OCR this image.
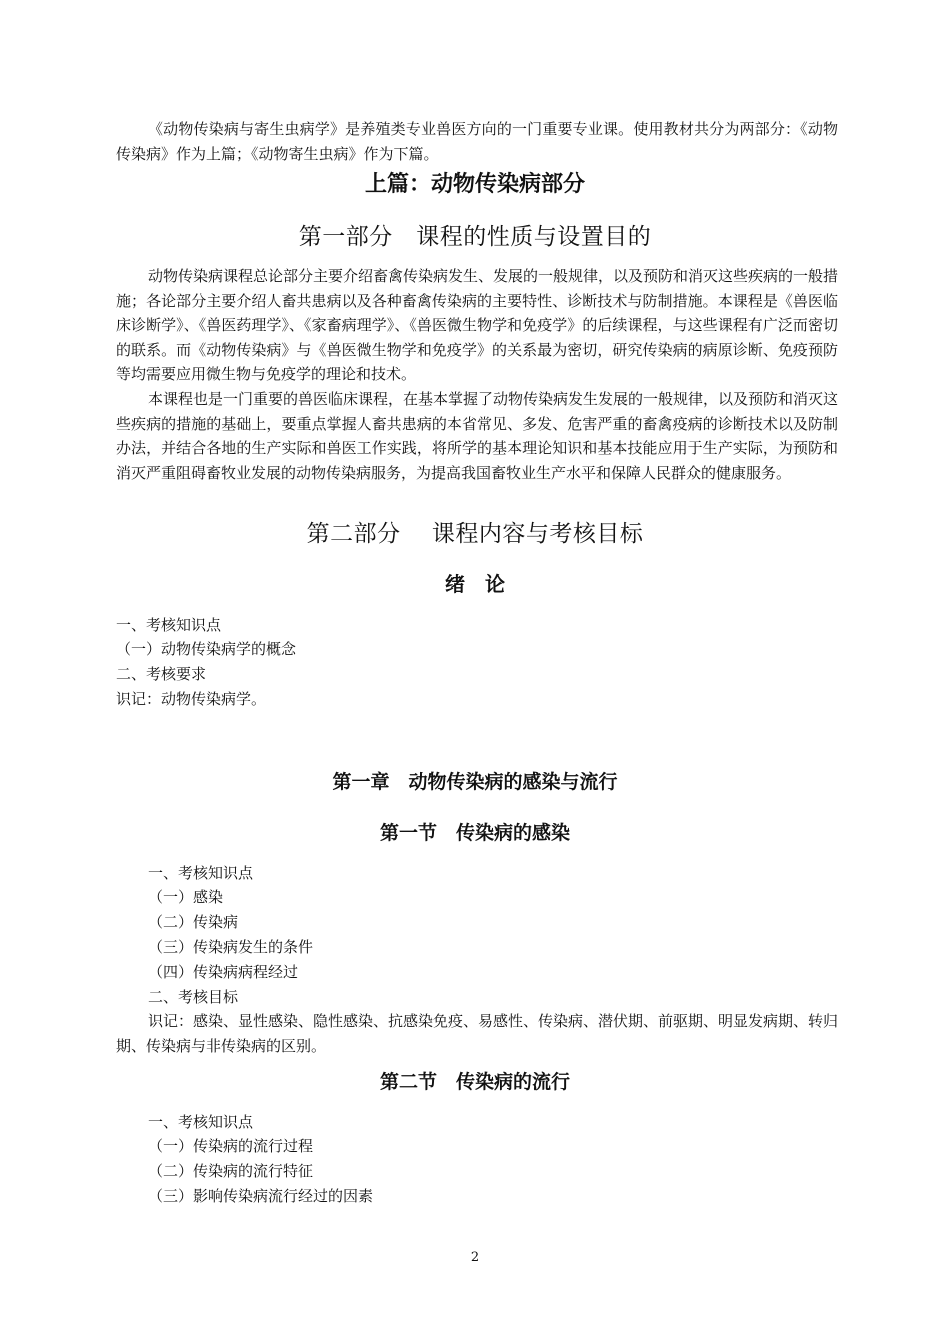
《动物传染病与寄生虫病学》是养殖类专业兽医方向的一门重要专业课。使用教材共分为两部分：《动物传染病》作为上篇；《动物寄生虫病》作为下篇。

上篇：动物传染病部分
第一部分　课程的性质与设置目的

动物传染病课程总论部分主要介绍畜禽传染病发生、发展的一般规律，以及预防和消灭这些疾病的一般措施；各论部分主要介绍人畜共患病以及各种畜禽传染病的主要特性、诊断技术与防制措施。本课程是《兽医临床诊断学》、《兽医药理学》、《家畜病理学》、《兽医微生物学和免疫学》的后续课程，与这些课程有广泛而密切的联系。而《动物传染病》与《兽医微生物学和免疫学》的关系最为密切，研究传染病的病原诊断、免疫预防等均需要应用微生物与免疫学的理论和技术。

本课程也是一门重要的兽医临床课程，在基本掌握了动物传染病发生发展的一般规律，以及预防和消灭这些疾病的措施的基础上，要重点掌握人畜共患病的本省常见、多发、危害严重的畜禽疫病的诊断技术以及防制办法，并结合各地的生产实际和兽医工作实践，将所学的基本理论知识和基本技能应用于生产实际，为预防和消灭严重阻碍畜牧业发展的动物传染病服务，为提高我国畜牧业生产水平和保障人民群众的健康服务。

第二部分　 课程内容与考核目标
绪　论
一、考核知识点
（一）动物传染病学的概念
二、考核要求
识记：动物传染病学。
第一章　动物传染病的感染与流行
第一节　传染病的感染
一、考核知识点
（一）感染
（二）传染病
（三）传染病发生的条件
（四）传染病病程经过
二、考核目标

识记：感染、显性感染、隐性感染、抗感染免疫、易感性、传染病、潜伏期、前驱期、明显发病期、转归期、传染病与非传染病的区别。

第二节　传染病的流行
一、考核知识点
（一）传染病的流行过程
（二）传染病的流行特征
（三）影响传染病流行经过的因素
2
